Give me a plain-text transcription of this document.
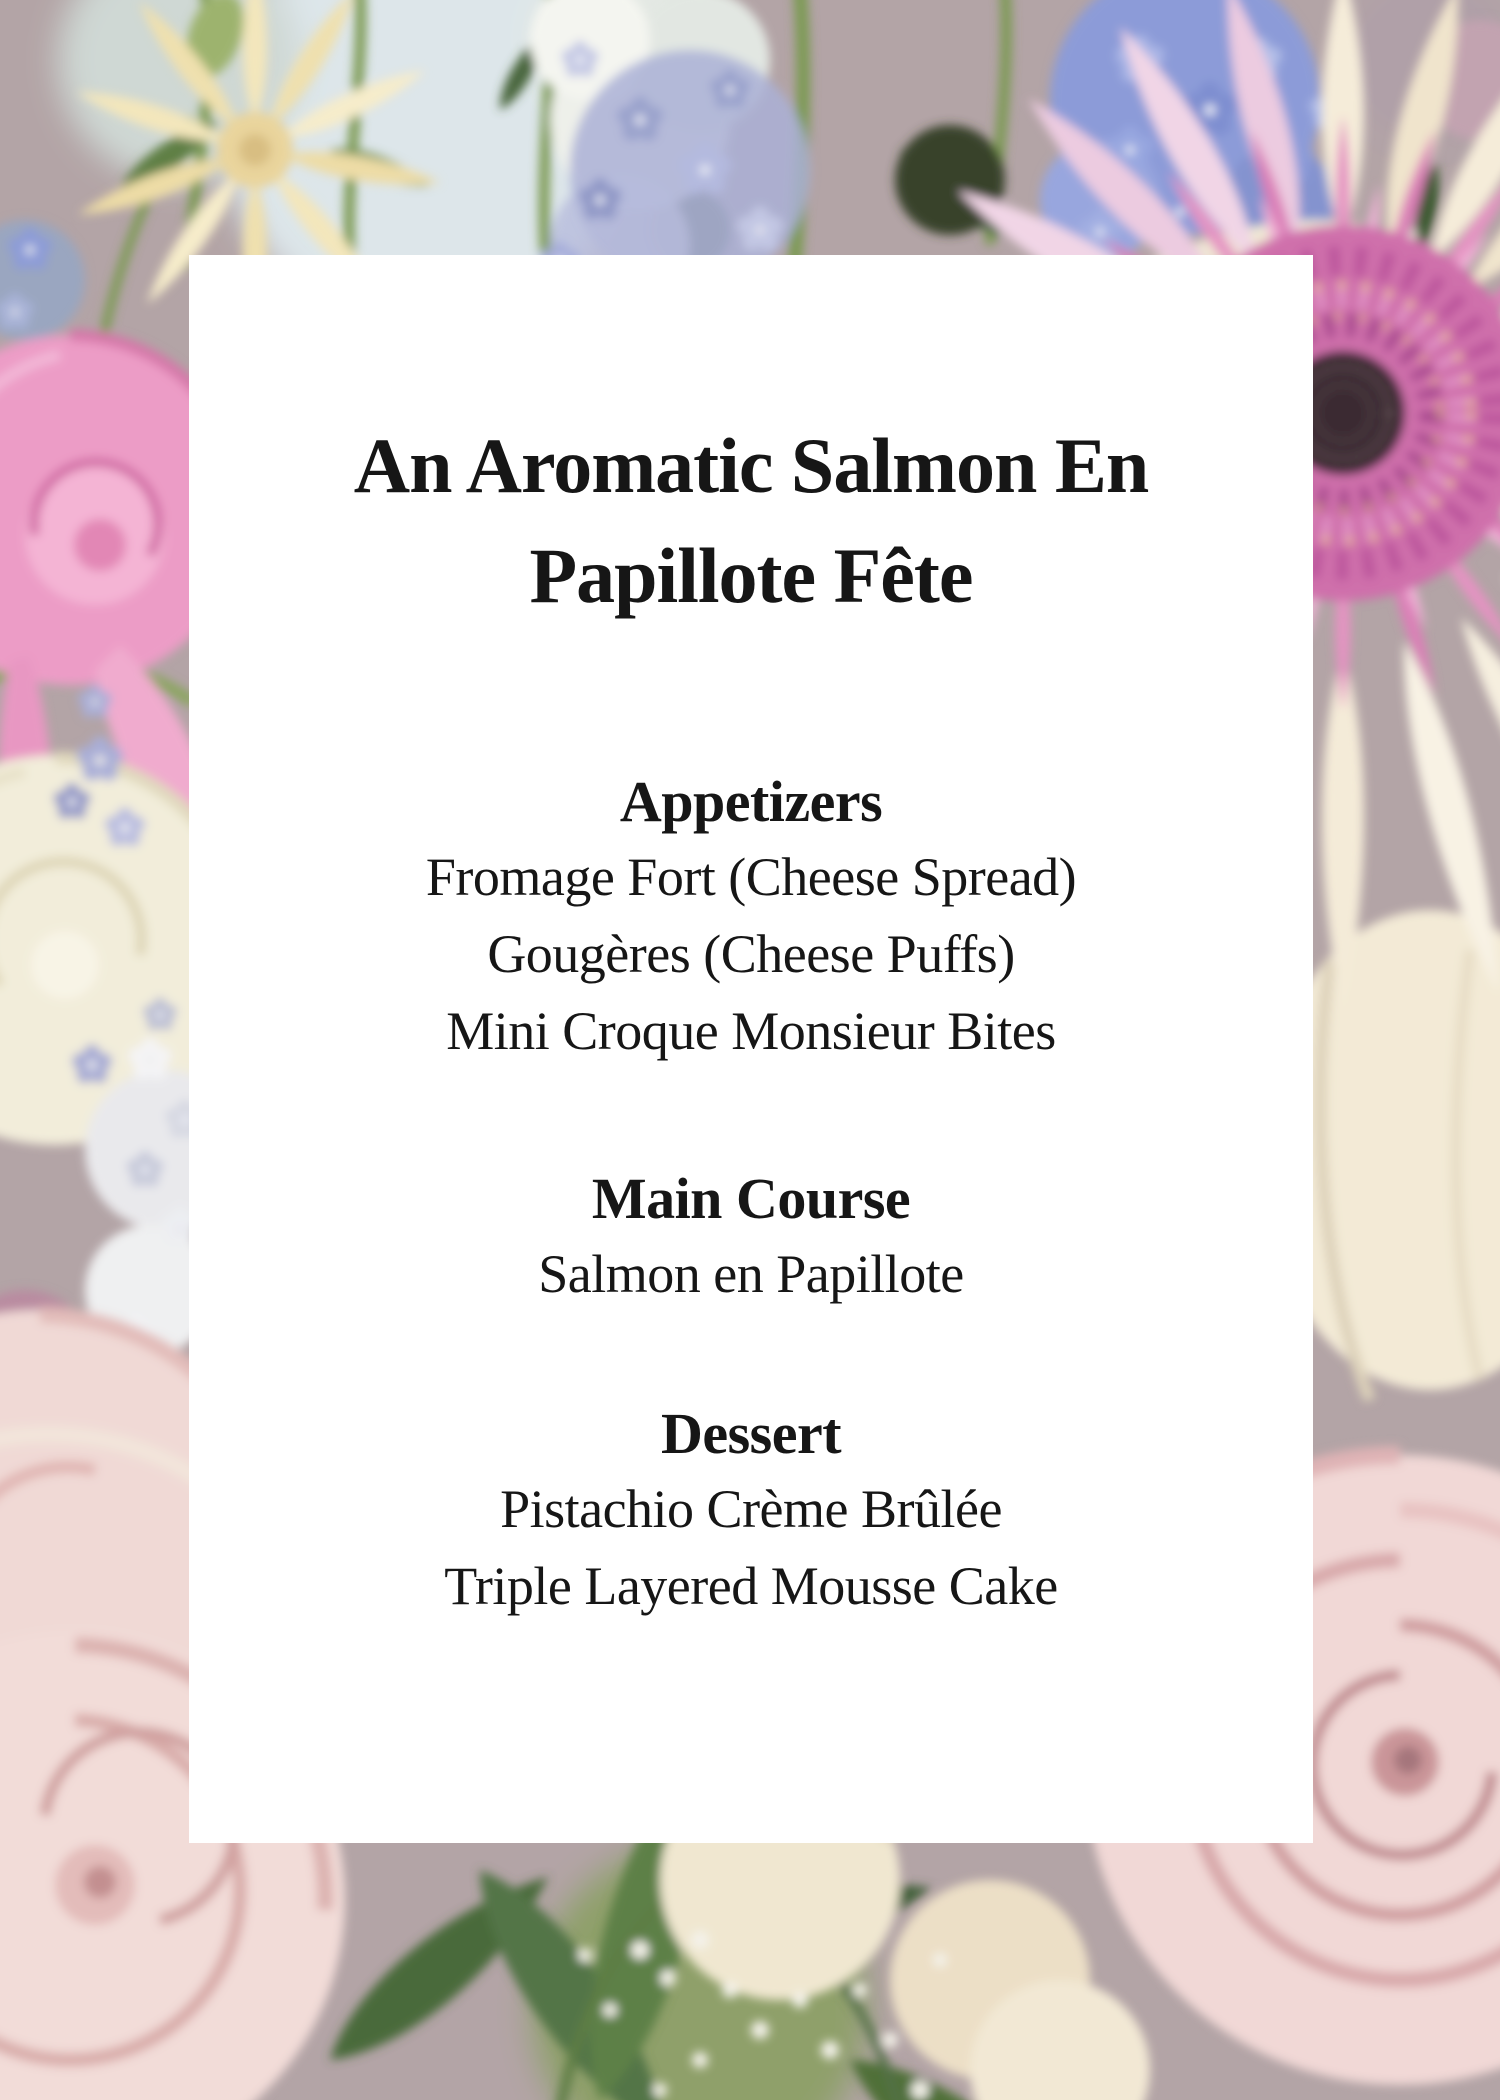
An Aromatic Salmon En
Papillote Fête
Appetizers

Fromage Fort (Cheese Spread)

Gougères (Cheese Puffs)

Mini Croque Monsieur Bites

Main Course

Salmon en Papillote

Dessert

Pistachio Crème Brûlée

Triple Layered Mousse Cake
